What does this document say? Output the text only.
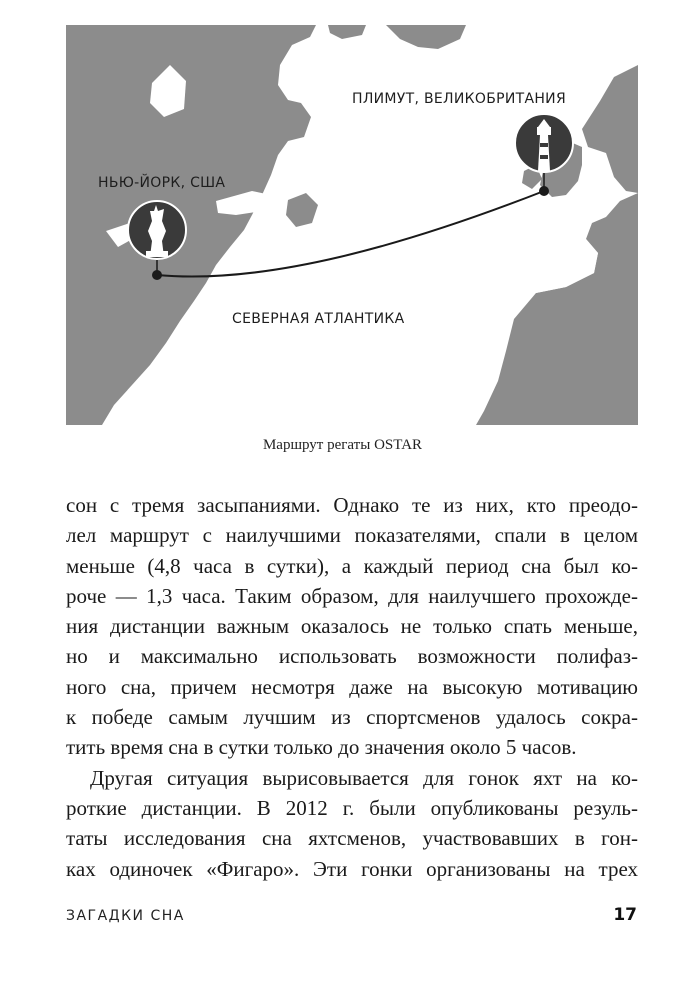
НЬЮ-ЙОРК, США
ПЛИМУТ, ВЕЛИКОБРИТАНИЯ
СЕВЕРНАЯ АТЛАНТИКА
Маршрут регаты OSTAR

сон с тремя засыпаниями. Однако те из них, кто преодо-
лел маршрут с наилучшими показателями, спали в целом
меньше (4,8 часа в сутки), а каждый период сна был ко-
роче — 1,3 часа. Таким образом, для наилучшего прохожде-
ния дистанции важным оказалось не только спать меньше,
но и максимально использовать возможности полифаз-
ного сна, причем несмотря даже на высокую мотивацию
к победе самым лучшим из спортсменов удалось сокра-
тить время сна в сутки только до значения около 5 часов.

Другая ситуация вырисовывается для гонок яхт на ко-
роткие дистанции. В 2012 г. были опубликованы резуль-
таты исследования сна яхтсменов, участвовавших в гон-
ках одиночек «Фигаро». Эти гонки организованы на трех

ЗАГАДКИ СНА	17
